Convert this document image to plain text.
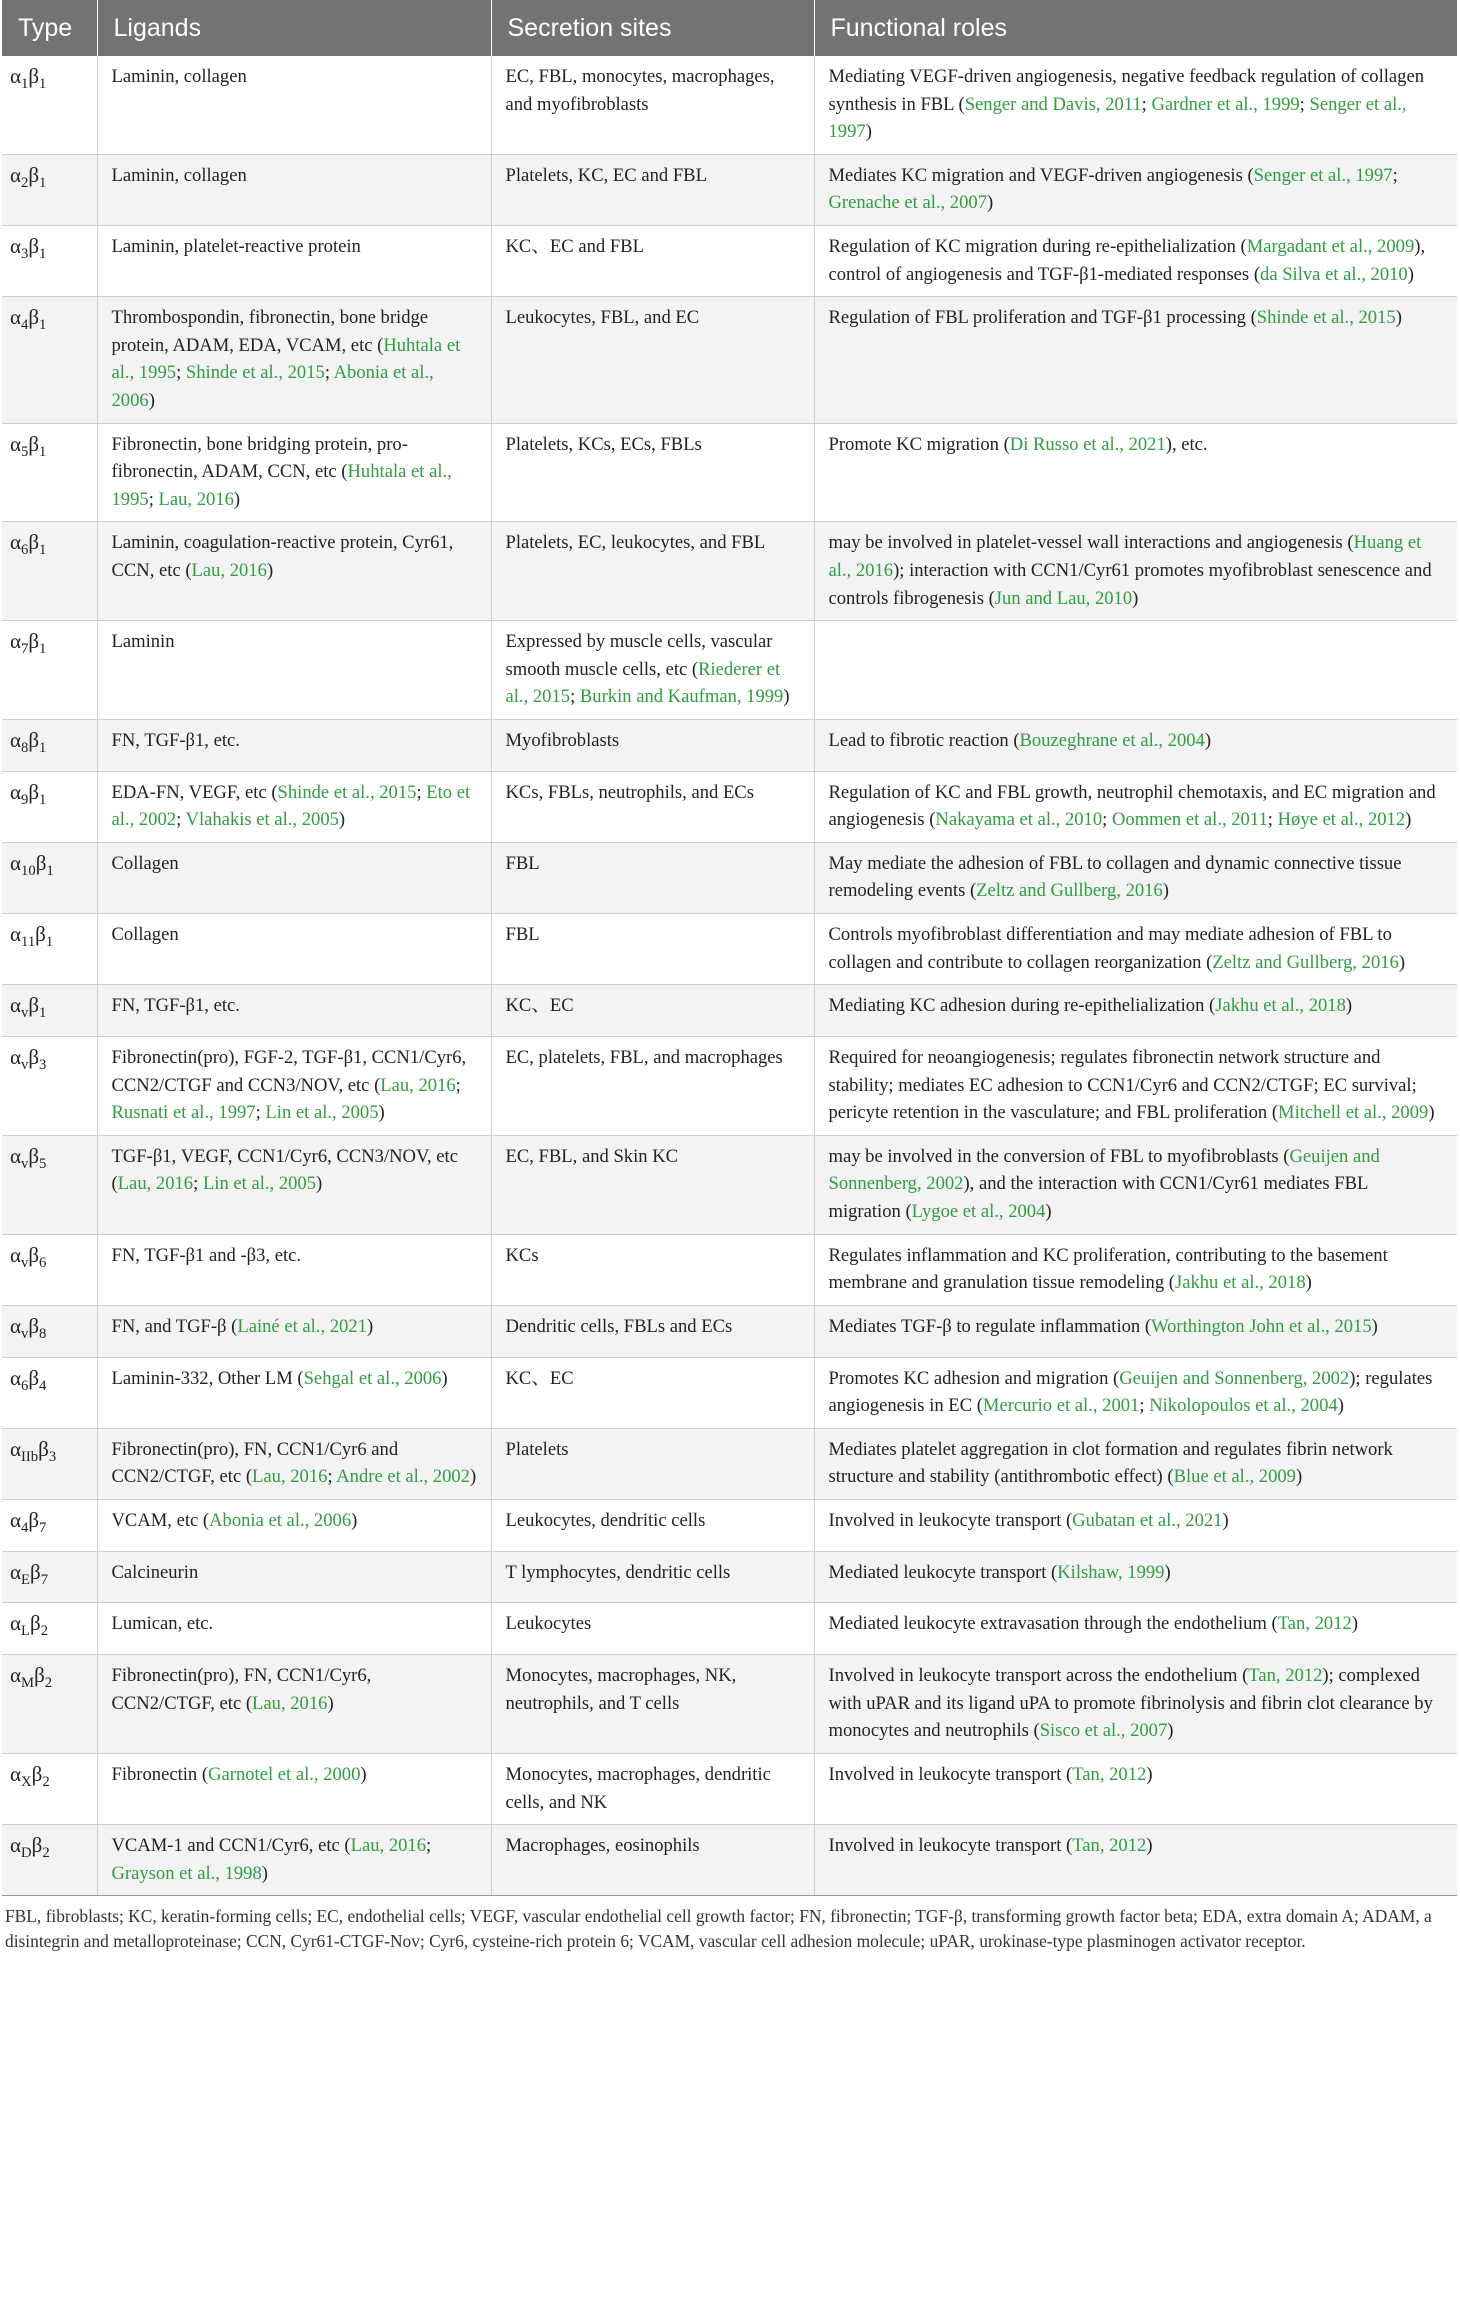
Type	Ligands	Secretion sites	Functional roles
$\alpha_1\beta_1$	Laminin, collagen	EC, FBL, monocytes, macrophages, and myofibroblasts	Mediating VEGF-driven angiogenesis, negative feedback regulation of collagen synthesis in FBL (Senger and Davis, 2011; Gardner et al., 1999; Senger et al., 1997)
$\alpha_2\beta_1$	Laminin, collagen	Platelets, KC, EC and FBL	Mediates KC migration and VEGF-driven angiogenesis (Senger et al., 1997; Grenache et al., 2007)
$\alpha_3\beta_1$	Laminin, platelet-reactive protein	KC、EC and FBL	Regulation of KC migration during re-epithelialization (Margadant et al., 2009), control of angiogenesis and TGF-β1-mediated responses (da Silva et al., 2010)
$\alpha_4\beta_1$	Thrombospondin, fibronectin, bone bridge protein, ADAM, EDA, VCAM, etc (Huhtala et al., 1995; Shinde et al., 2015; Abonia et al., 2006)	Leukocytes, FBL, and EC	Regulation of FBL proliferation and TGF-β1 processing (Shinde et al., 2015)
$\alpha_5\beta_1$	Fibronectin, bone bridging protein, pro-fibronectin, ADAM, CCN, etc (Huhtala et al., 1995; Lau, 2016)	Platelets, KCs, ECs, FBLs	Promote KC migration (Di Russo et al., 2021), etc.
$\alpha_6\beta_1$	Laminin, coagulation-reactive protein, Cyr61, CCN, etc (Lau, 2016)	Platelets, EC, leukocytes, and FBL	may be involved in platelet-vessel wall interactions and angiogenesis (Huang et al., 2016); interaction with CCN1/Cyr61 promotes myofibroblast senescence and controls fibrogenesis (Jun and Lau, 2010)
$\alpha_7\beta_1$	Laminin	Expressed by muscle cells, vascular smooth muscle cells, etc (Riederer et al., 2015; Burkin and Kaufman, 1999)	
$\alpha_8\beta_1$	FN, TGF-β1, etc.	Myofibroblasts	Lead to fibrotic reaction (Bouzeghrane et al., 2004)
$\alpha_9\beta_1$	EDA-FN, VEGF, etc (Shinde et al., 2015; Eto et al., 2002; Vlahakis et al., 2005)	KCs, FBLs, neutrophils, and ECs	Regulation of KC and FBL growth, neutrophil chemotaxis, and EC migration and angiogenesis (Nakayama et al., 2010; Oommen et al., 2011; Høye et al., 2012)
$\alpha_{10}\beta_1$	Collagen	FBL	May mediate the adhesion of FBL to collagen and dynamic connective tissue remodeling events (Zeltz and Gullberg, 2016)
$\alpha_{11}\beta_1$	Collagen	FBL	Controls myofibroblast differentiation and may mediate adhesion of FBL to collagen and contribute to collagen reorganization (Zeltz and Gullberg, 2016)
$\alpha_v\beta_1$	FN, TGF-β1, etc.	KC、EC	Mediating KC adhesion during re-epithelialization (Jakhu et al., 2018)
$\alpha_v\beta_3$	Fibronectin(pro), FGF-2, TGF-β1, CCN1/Cyr6, CCN2/CTGF and CCN3/NOV, etc (Lau, 2016; Rusnati et al., 1997; Lin et al., 2005)	EC, platelets, FBL, and macrophages	Required for neoangiogenesis; regulates fibronectin network structure and stability; mediates EC adhesion to CCN1/Cyr6 and CCN2/CTGF; EC survival; pericyte retention in the vasculature; and FBL proliferation (Mitchell et al., 2009)
$\alpha_v\beta_5$	TGF-β1, VEGF, CCN1/Cyr6, CCN3/NOV, etc (Lau, 2016; Lin et al., 2005)	EC, FBL, and Skin KC	may be involved in the conversion of FBL to myofibroblasts (Geuijen and Sonnenberg, 2002), and the interaction with CCN1/Cyr61 mediates FBL migration (Lygoe et al., 2004)
$\alpha_v\beta_6$	FN, TGF-β1 and -β3, etc.	KCs	Regulates inflammation and KC proliferation, contributing to the basement membrane and granulation tissue remodeling (Jakhu et al., 2018)
$\alpha_v\beta_8$	FN, and TGF-β (Lainé et al., 2021)	Dendritic cells, FBLs and ECs	Mediates TGF-β to regulate inflammation (Worthington John et al., 2015)
$\alpha_6\beta_4$	Laminin-332, Other LM (Sehgal et al., 2006)	KC、EC	Promotes KC adhesion and migration (Geuijen and Sonnenberg, 2002); regulates angiogenesis in EC (Mercurio et al., 2001; Nikolopoulos et al., 2004)
$\alpha_{IIb}\beta_3$	Fibronectin(pro), FN, CCN1/Cyr6 and CCN2/CTGF, etc (Lau, 2016; Andre et al., 2002)	Platelets	Mediates platelet aggregation in clot formation and regulates fibrin network structure and stability (antithrombotic effect) (Blue et al., 2009)
$\alpha_4\beta_7$	VCAM, etc (Abonia et al., 2006)	Leukocytes, dendritic cells	Involved in leukocyte transport (Gubatan et al., 2021)
$\alpha_E\beta_7$	Calcineurin	T lymphocytes, dendritic cells	Mediated leukocyte transport (Kilshaw, 1999)
$\alpha_L\beta_2$	Lumican, etc.	Leukocytes	Mediated leukocyte extravasation through the endothelium (Tan, 2012)
$\alpha_M\beta_2$	Fibronectin(pro), FN, CCN1/Cyr6, CCN2/CTGF, etc (Lau, 2016)	Monocytes, macrophages, NK, neutrophils, and T cells	Involved in leukocyte transport across the endothelium (Tan, 2012); complexed with uPAR and its ligand uPA to promote fibrinolysis and fibrin clot clearance by monocytes and neutrophils (Sisco et al., 2007)
$\alpha_X\beta_2$	Fibronectin (Garnotel et al., 2000)	Monocytes, macrophages, dendritic cells, and NK	Involved in leukocyte transport (Tan, 2012)
$\alpha_D\beta_2$	VCAM-1 and CCN1/Cyr6, etc (Lau, 2016; Grayson et al., 1998)	Macrophages, eosinophils	Involved in leukocyte transport (Tan, 2012)
FBL, fibroblasts; KC, keratin-forming cells; EC, endothelial cells; VEGF, vascular endothelial cell growth factor; FN, fibronectin; TGF-β, transforming growth factor beta; EDA, extra domain A; ADAM, a disintegrin and metalloproteinase; CCN, Cyr61-CTGF-Nov; Cyr6, cysteine-rich protein 6; VCAM, vascular cell adhesion molecule; uPAR, urokinase-type plasminogen activator receptor.
